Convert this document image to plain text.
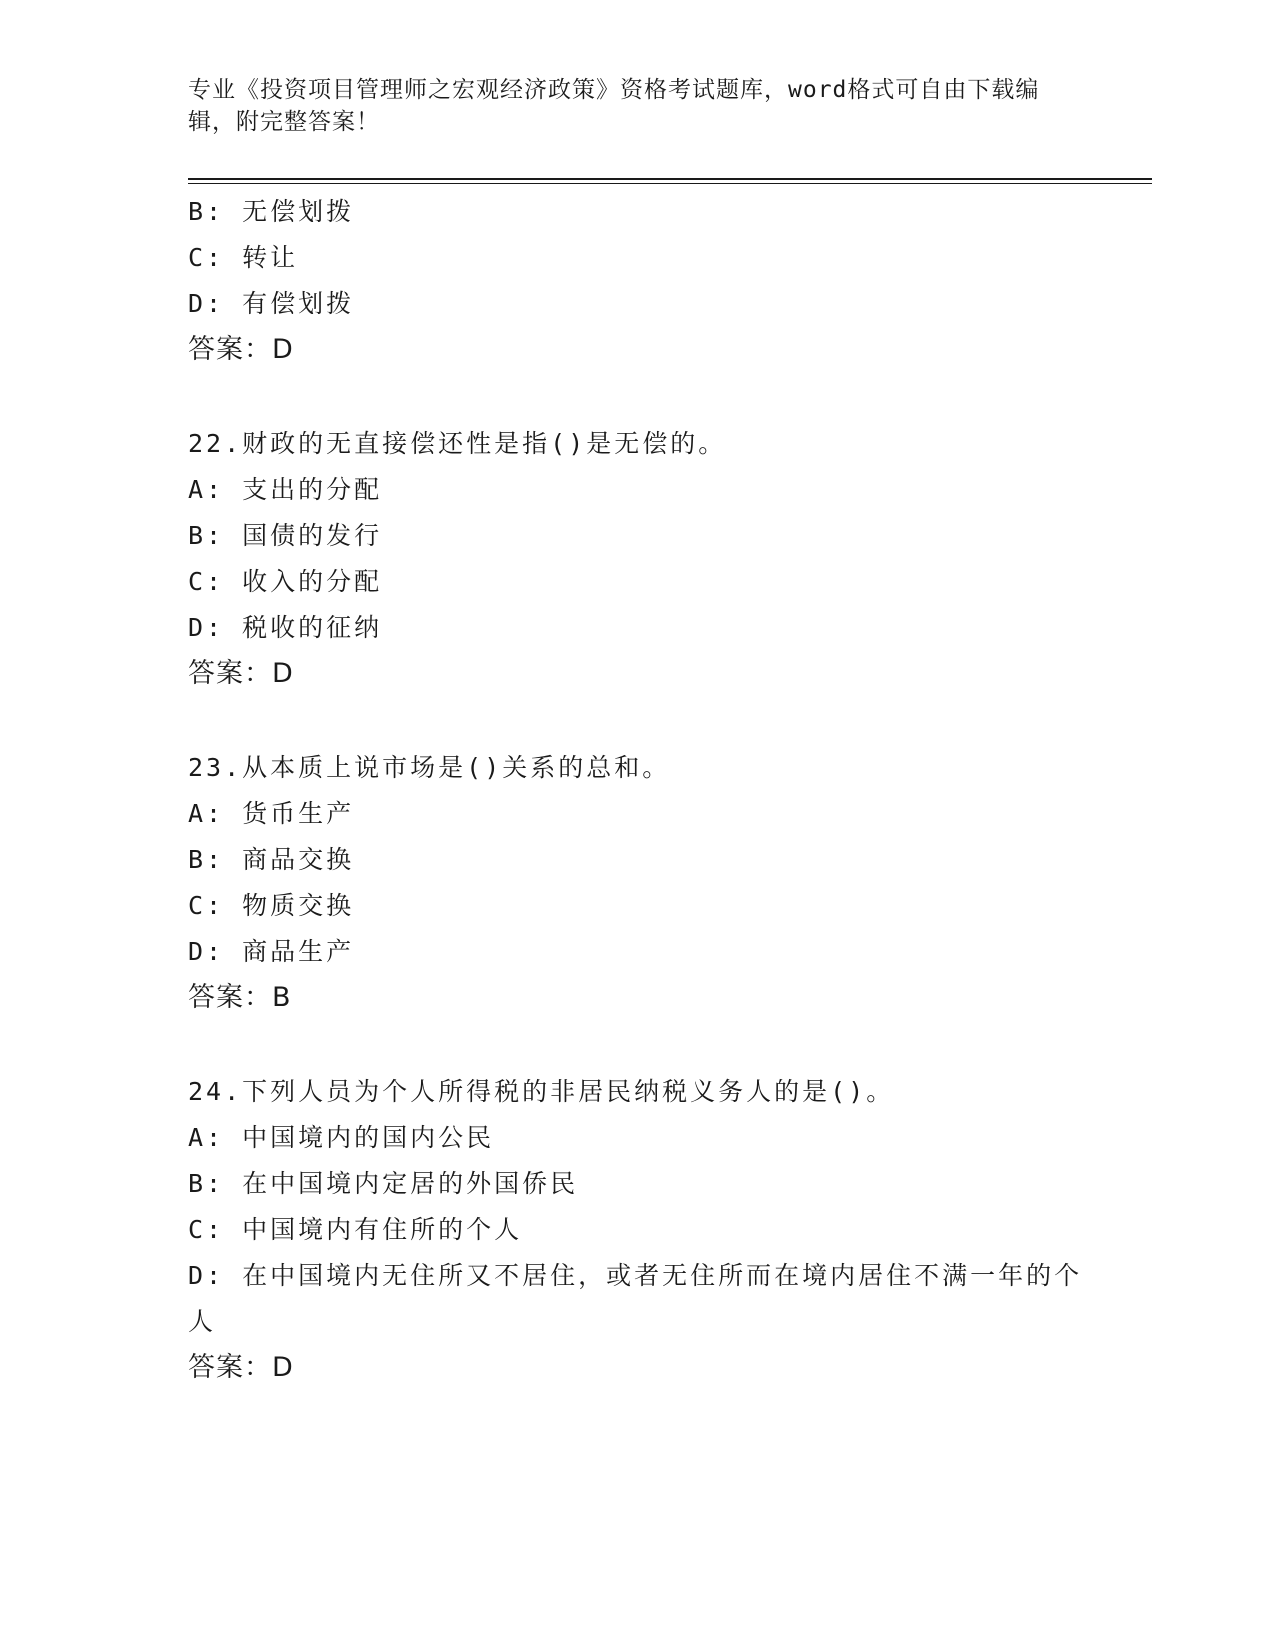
专业《投资项目管理师之宏观经济政策》资格考试题库，word格式可自由下载编辑，附完整答案！
B: 无偿划拨
C: 转让
D: 有偿划拨
答案：D
22.财政的无直接偿还性是指()是无偿的。
A: 支出的分配
B: 国债的发行
C: 收入的分配
D: 税收的征纳
答案：D
23.从本质上说市场是()关系的总和。
A: 货币生产
B: 商品交换
C: 物质交换
D: 商品生产
答案：B
24.下列人员为个人所得税的非居民纳税义务人的是()。
A: 中国境内的国内公民
B: 在中国境内定居的外国侨民
C: 中国境内有住所的个人
D: 在中国境内无住所又不居住，或者无住所而在境内居住不满一年的个人
答案：D
